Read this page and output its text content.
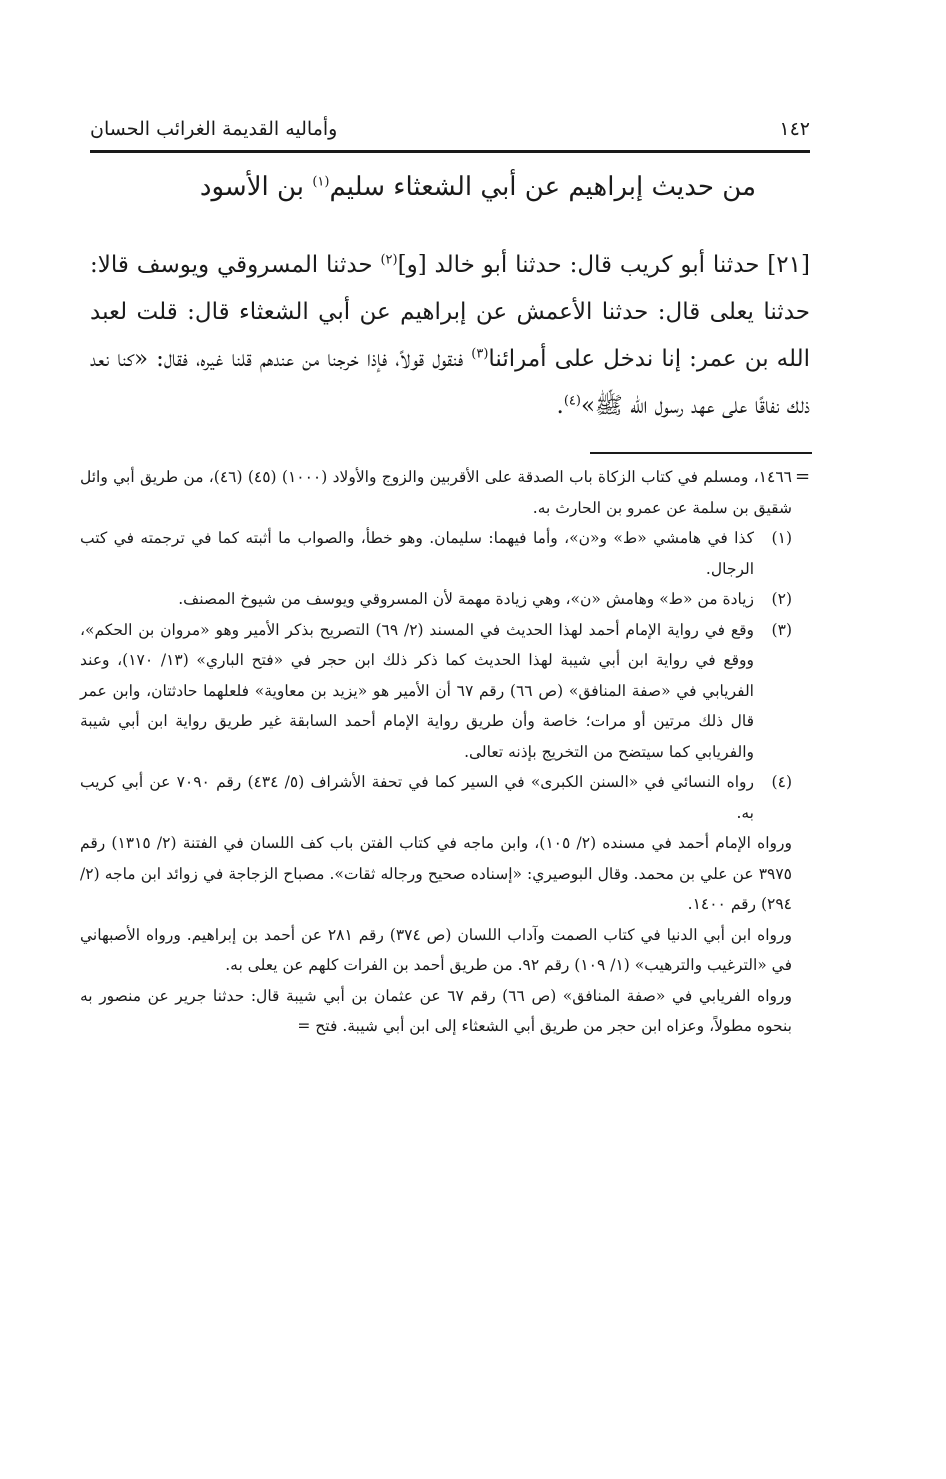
١٤٢
وأماليه القديمة الغرائب الحسان
من حديث إبراهيم عن أبي الشعثاء سليم$^{(١)}$ بن الأسود

[٢١] حدثنا أبو كريب قال: حدثنا أبو خالد [و]$^{(٢)}$ حدثنا المسروقي ويوسف قالا: حدثنا يعلى قال: حدثنا الأعمش عن إبراهيم عن أبي الشعثاء قال: قلت لعبد الله بن عمر: إنا ندخل على أمرائنا$^{(٣)}$ فنقول قولاً، فإذا خرجنا من عندهم قلنا غيره، فقال: «كنا نعد ذلك نفاقًا على عهد رسول الله ﷺ»$^{(٤)}$.

=

١٤٦٦، ومسلم في كتاب الزكاة باب الصدقة على الأقربين والزوج والأولاد (١٠٠٠) (٤٥) (٤٦)، من طريق أبي وائل شقيق بن سلمة عن عمرو بن الحارث به.

(١)
كذا في هامشي «ط» و«ن»، وأما فيهما: سليمان. وهو خطأ، والصواب ما أثبته كما في ترجمته في كتب الرجال.
(٢)
زيادة من «ط» وهامش «ن»، وهي زيادة مهمة لأن المسروقي ويوسف من شيوخ المصنف.
(٣)
وقع في رواية الإمام أحمد لهذا الحديث في المسند (٢/ ٦٩) التصريح بذكر الأمير وهو «مروان بن الحكم»، ووقع في رواية ابن أبي شيبة لهذا الحديث كما ذكر ذلك ابن حجر في «فتح الباري» (١٣/ ١٧٠)، وعند الفريابي في «صفة المنافق» (ص ٦٦) رقم ٦٧ أن الأمير هو «يزيد بن معاوية» فلعلهما حادثتان، وابن عمر قال ذلك مرتين أو مرات؛ خاصة وأن طريق رواية الإمام أحمد السابقة غير طريق رواية ابن أبي شيبة والفريابي كما سيتضح من التخريج بإذنه تعالى.
(٤)
رواه النسائي في «السنن الكبرى» في السير كما في تحفة الأشراف (٥/ ٤٣٤) رقم ٧٠٩٠ عن أبي كريب به.

ورواه الإمام أحمد في مسنده (٢/ ١٠٥)، وابن ماجه في كتاب الفتن باب كف اللسان في الفتنة (٢/ ١٣١٥) رقم ٣٩٧٥ عن علي بن محمد. وقال البوصيري: «إسناده صحيح ورجاله ثقات». مصباح الزجاجة في زوائد ابن ماجه (٢/ ٢٩٤) رقم ١٤٠٠.

ورواه ابن أبي الدنيا في كتاب الصمت وآداب اللسان (ص ٣٧٤) رقم ٢٨١ عن أحمد بن إبراهيم. ورواه الأصبهاني في «الترغيب والترهيب» (١/ ١٠٩) رقم ٩٢. من طريق أحمد بن الفرات كلهم عن يعلى به.

ورواه الفريابي في «صفة المنافق» (ص ٦٦) رقم ٦٧ عن عثمان بن أبي شيبة قال: حدثنا جرير عن منصور به بنحوه مطولاً، وعزاه ابن حجر من طريق أبي الشعثاء إلى ابن أبي شيبة. فتح =
